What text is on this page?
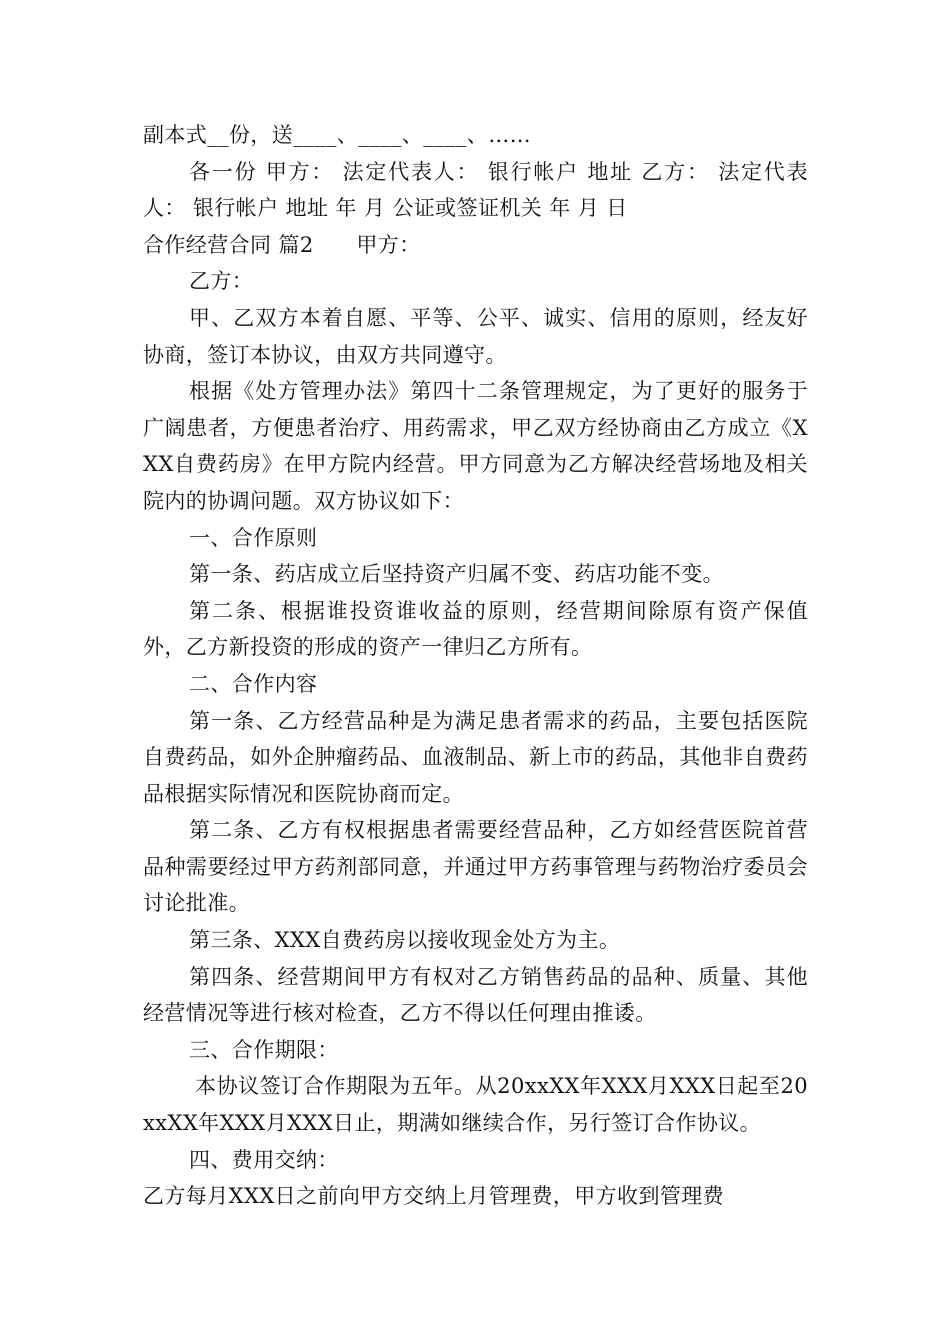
副本式__份，送____、____、____、……

各一份 甲方： 法定代表人： 银行帐户 地址 乙方： 法定代表人： 银行帐户 地址 年 月 公证或签证机关 年 月 日

合作经营合同 篇2　　甲方：

乙方：

甲、乙双方本着自愿、平等、公平、诚实、信用的原则，经友好协商，签订本协议，由双方共同遵守。

根据《处方管理办法》第四十二条管理规定，为了更好的服务于广阔患者，方便患者治疗、用药需求，甲乙双方经协商由乙方成立《XXX自费药房》在甲方院内经营。甲方同意为乙方解决经营场地及相关院内的协调问题。双方协议如下：

一、合作原则

第一条、药店成立后坚持资产归属不变、药店功能不变。

第二条、根据谁投资谁收益的原则，经营期间除原有资产保值外，乙方新投资的形成的资产一律归乙方所有。

二、合作内容

第一条、乙方经营品种是为满足患者需求的药品，主要包括医院自费药品，如外企肿瘤药品、血液制品、新上市的药品，其他非自费药品根据实际情况和医院协商而定。

第二条、乙方有权根据患者需要经营品种，乙方如经营医院首营品种需要经过甲方药剂部同意，并通过甲方药事管理与药物治疗委员会讨论批准。

第三条、XXX自费药房以接收现金处方为主。

第四条、经营期间甲方有权对乙方销售药品的品种、质量、其他经营情况等进行核对检查，乙方不得以任何理由推诿。

三、合作期限：

本协议签订合作期限为五年。从20xxXX年XXX月XXX日起至20xxXX年XXX月XXX日止，期满如继续合作，另行签订合作协议。

四、费用交纳：

乙方每月XXX日之前向甲方交纳上月管理费，甲方收到管理费
